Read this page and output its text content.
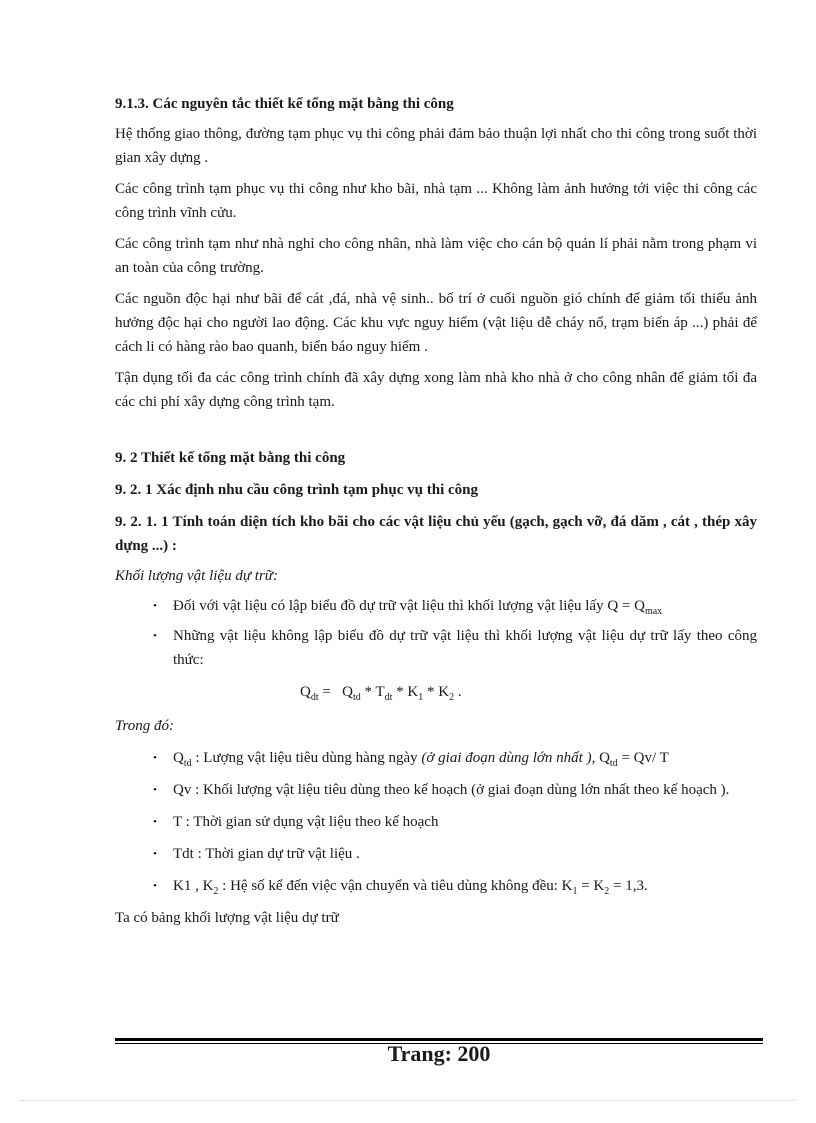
9.1.3. Các nguyên tắc thiết kế tổng mặt bằng thi công

Hệ thống giao thông, đường tạm phục vụ thi công phải đảm bảo thuận lợi nhất cho thi công trong suốt thời gian xây dựng .

Các công trình tạm phục vụ thi công như kho bãi, nhà tạm ... Không làm ảnh hưởng tới việc thi công các công trình vĩnh cửu.

Các công trình tạm như nhà nghỉ cho công nhân, nhà làm việc cho cán bộ quản lí phải nằm trong phạm vi an toàn của công trường.

Các nguồn độc hại như bãi để cát ,đá, nhà vệ sinh.. bố trí ở cuối nguồn gió chính để giảm tối thiểu ảnh hưởng độc hại cho người lao động. Các khu vực nguy hiểm (vật liệu dễ cháy nổ, trạm biến áp ...) phải để cách li có hàng rào bao quanh, biển báo nguy hiểm .

Tận dụng tối đa các công trình chính đã xây dựng xong làm nhà kho nhà ở cho công nhân để giảm tối đa các chi phí xây dựng công trình tạm.

9. 2 Thiết kế tổng mặt bằng thi công

9. 2. 1 Xác định nhu cầu công trình tạm phục vụ thi công

9. 2. 1. 1 Tính toán diện tích kho bãi cho các vật liệu chủ yếu (gạch, gạch vỡ, đá dăm , cát , thép xây dựng ...) :

Khối lượng vật liệu dự trữ:

• Đối với vật liệu có lập biểu đồ dự trữ vật liệu thì khối lượng vật liệu lấy $Q = Q_{max}$
• Những vật liệu không lập biểu đồ dự trữ vật liệu thì khối lượng vật liệu dự trữ lấy theo công thức:

$Q_{dt} = Q_{td} * T_{dt} * K_1 * K_2$ .

Trong đó:

• $Q_{td}$ : Lượng vật liệu tiêu dùng hàng ngày (ở giai đoạn dùng lớn nhất ), $Q_{td} = Qv/$ T
• Qv : Khối lượng vật liệu tiêu dùng theo kế hoạch (ở giai đoạn dùng lớn nhất theo kế hoạch ).
• T : Thời gian sử dụng vật liệu theo kế hoạch
• Tdt : Thời gian dự trữ vật liệu .
• K1 , $K_2$ : Hệ số kể đến việc vận chuyển và tiêu dùng không đều: $K_1 = K_2 = 1,3$.

Ta có bảng khối lượng vật liệu dự trữ

Trang: 200
